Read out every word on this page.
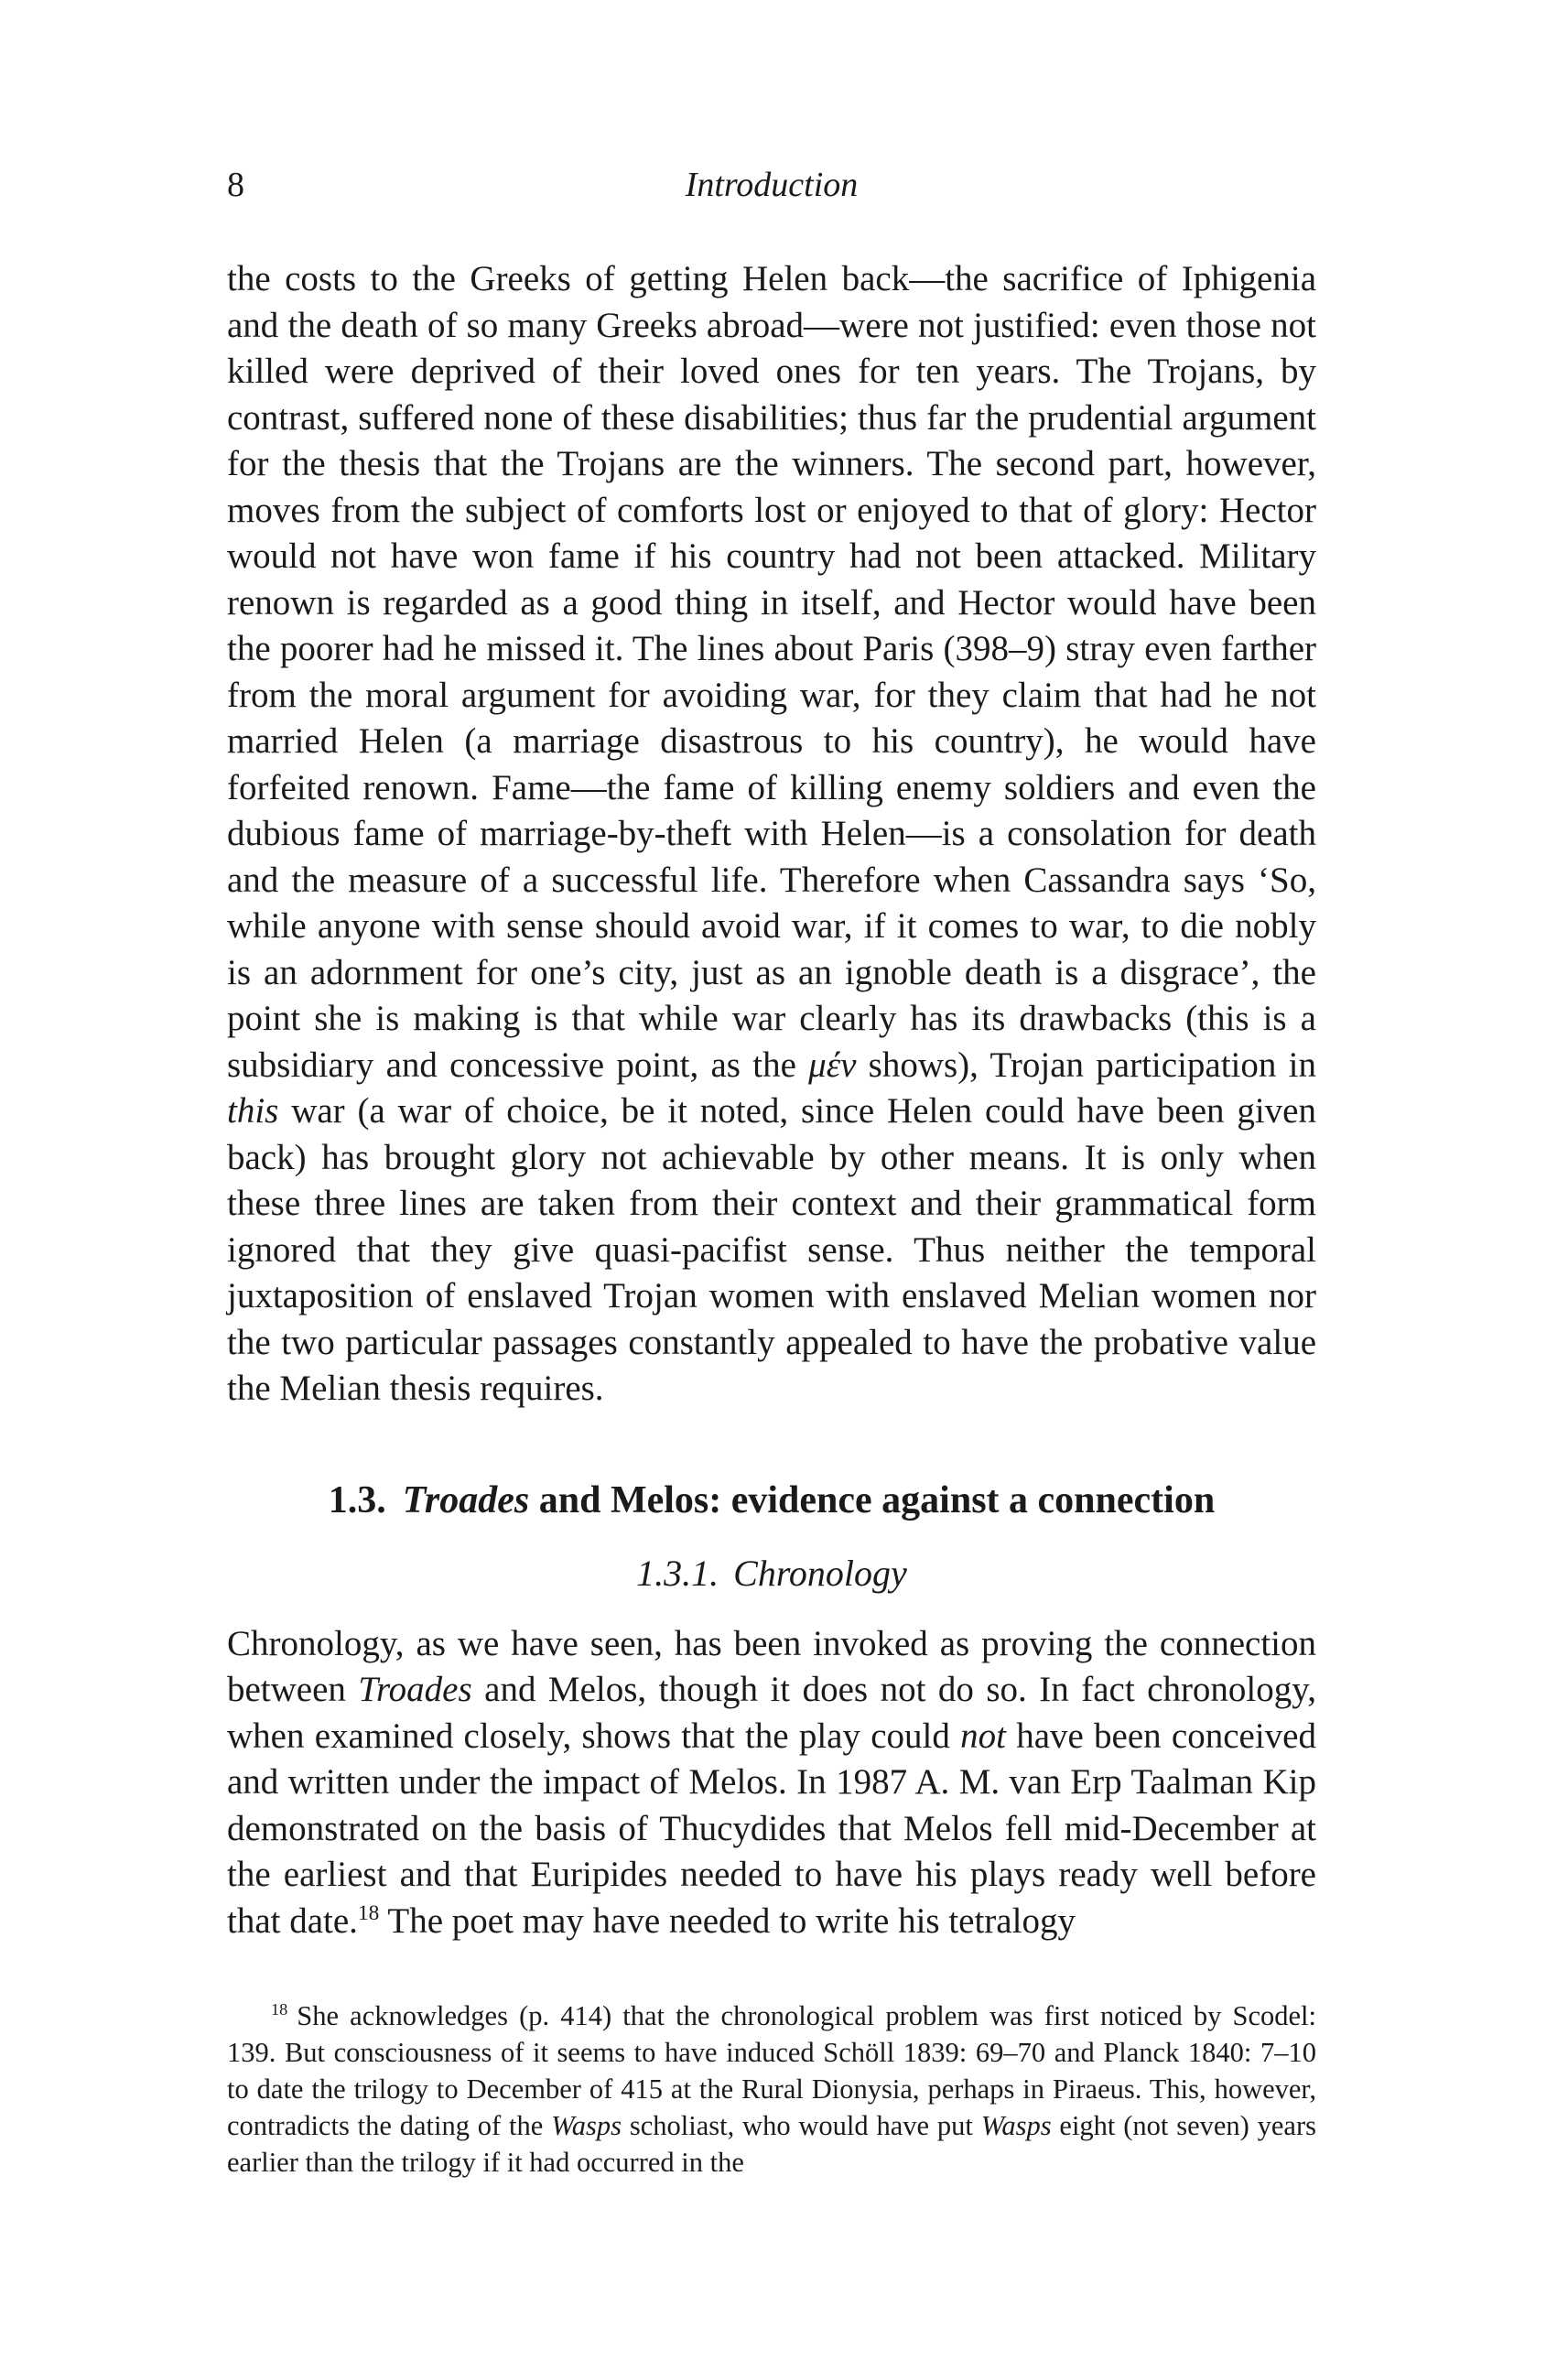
8	Introduction

the costs to the Greeks of getting Helen back—the sacrifice of Iphigenia and the death of so many Greeks abroad—were not justified: even those not killed were deprived of their loved ones for ten years. The Trojans, by contrast, suffered none of these disabilities; thus far the prudential argument for the thesis that the Trojans are the winners. The second part, however, moves from the subject of comforts lost or enjoyed to that of glory: Hector would not have won fame if his country had not been attacked. Military renown is regarded as a good thing in itself, and Hector would have been the poorer had he missed it. The lines about Paris (398–9) stray even farther from the moral argument for avoiding war, for they claim that had he not married Helen (a marriage disastrous to his country), he would have forfeited renown. Fame—the fame of killing enemy soldiers and even the dubious fame of marriage-by-theft with Helen—is a consolation for death and the measure of a successful life. Therefore when Cassandra says ‘So, while anyone with sense should avoid war, if it comes to war, to die nobly is an adornment for one’s city, just as an ignoble death is a disgrace’, the point she is making is that while war clearly has its drawbacks (this is a subsidiary and concessive point, as the μέν shows), Trojan participation in this war (a war of choice, be it noted, since Helen could have been given back) has brought glory not achievable by other means. It is only when these three lines are taken from their context and their grammatical form ignored that they give quasi-pacifist sense. Thus neither the temporal juxtaposition of enslaved Trojan women with enslaved Melian women nor the two particular passages constantly appealed to have the probative value the Melian thesis requires.

1.3. Troades and Melos: evidence against a connection
1.3.1. Chronology

Chronology, as we have seen, has been invoked as proving the connection between Troades and Melos, though it does not do so. In fact chronology, when examined closely, shows that the play could not have been conceived and written under the impact of Melos. In 1987 A. M. van Erp Taalman Kip demonstrated on the basis of Thucydides that Melos fell mid-December at the earliest and that Euripides needed to have his plays ready well before that date.$^{18}$ The poet may have needed to write his tetralogy

$^{18}$ She acknowledges (p. 414) that the chronological problem was first noticed by Scodel: 139. But consciousness of it seems to have induced Schöll 1839: 69–70 and Planck 1840: 7–10 to date the trilogy to December of 415 at the Rural Dionysia, perhaps in Piraeus. This, however, contradicts the dating of the Wasps scholiast, who would have put Wasps eight (not seven) years earlier than the trilogy if it had occurred in the
